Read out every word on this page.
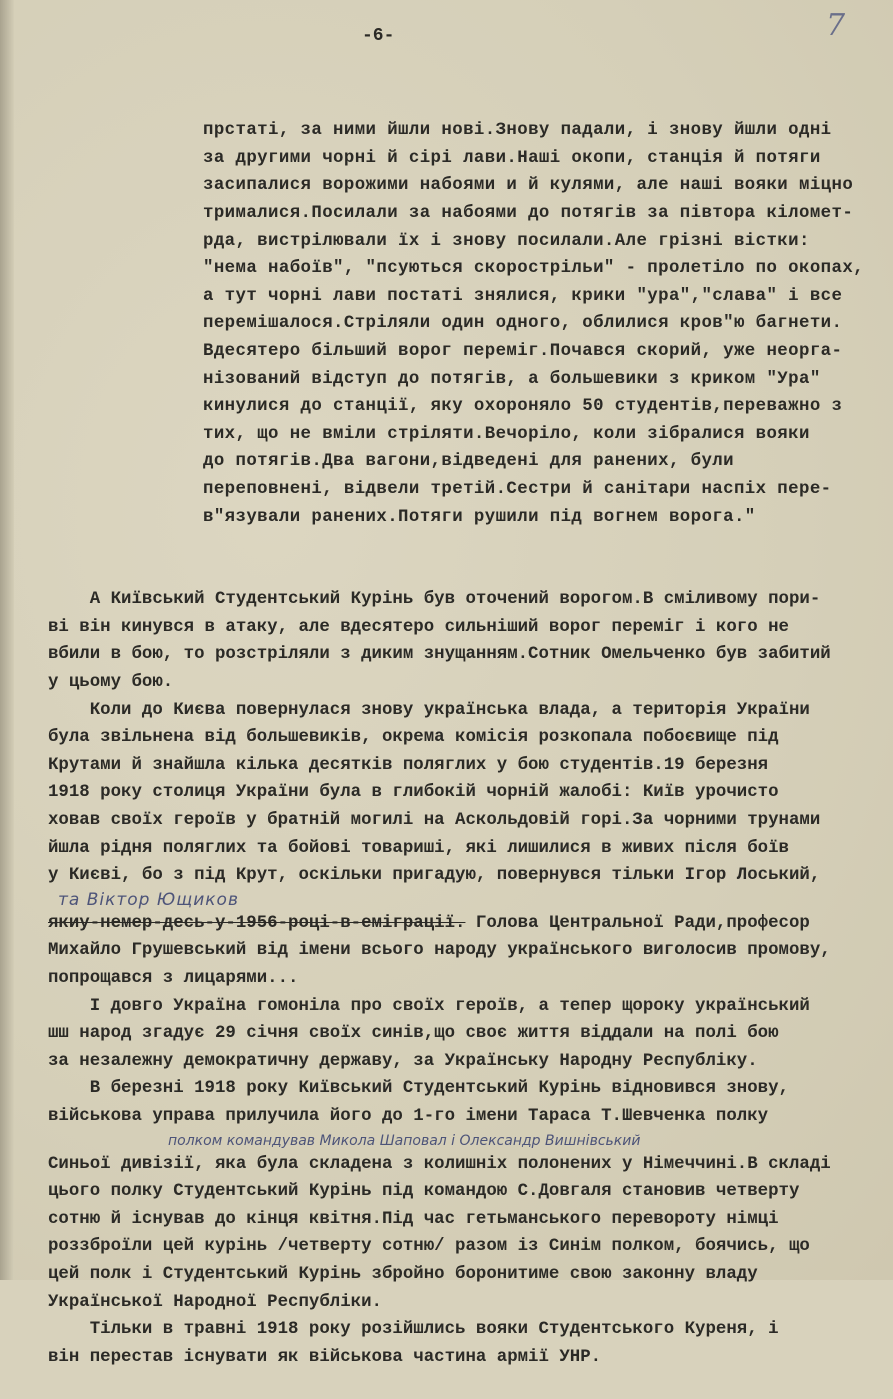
-6-	7

прстаті, за ними йшли нові.Знову падали, і знову йшли одні
за другими чорні й сірі лави.Наші окопи, станція й потяги
засипалися ворожими набоями и й кулями, але наші вояки міцно
трималися.Посилали за набоями до потягів за півтора кіломет-
рда, вистрілювали їх і знову посилали.Але грізні вістки:
"нема набоїв", "псуються скорострільи" - пролетіло по окопах,
а тут чорні лави постаті знялися, крики "ура","слава" і все
перемішалося.Стріляли один одного, облилися кров"ю багнети.
Вдесятеро більший ворог переміг.Почався скорий, уже неорга-
нізований відступ до потягів, а большевики з криком "Ура"
кинулися до станції, яку охороняло 50 студентів,переважно з
тих, що не вміли стріляти.Вечоріло, коли зібралися вояки
до потягів.Два вагони,відведені для ранених, були
переповнені, відвели третій.Сестри й санітари наспіх пере-
в"язували ранених.Потяги рушили під вогнем ворога."

А Київський Студентський Курінь був оточений ворогом.В сміливому пори-
ві він кинувся в атаку, але вдесятеро сильніший ворог переміг і кого не
вбили в бою, то розстріляли з диким знущанням.Сотник Омельченко був забитий
у цьому бою.
Коли до Києва повернулася знову українська влада, а територія України
була звільнена від большевиків, окрема комісія розкопала побоєвище під
Крутами й знайшла кілька десятків поляглих у бою студентів.19 березня
1918 року столиця України була в глибокій чорній жалобі: Київ урочисто
ховав своїх героїв у братній могилі на Аскольдовій горі.За чорними трунами
йшла рідня поляглих та бойові товариші, які лишилися в живих після боїв
у Києві, бо з під Крут, оскільки пригадую, повернувся тільки Ігор Лоський,
та Віктор Ющиков
якиу-немер-десь-у-1956-році-в-еміграції. Голова Центральної Ради,професор
Михайло Грушевський від імени всього народу українського виголосив промову,
попрощався з лицарями...
І довго Україна гомоніла про своїх героїв, а тепер щороку український
шш народ згадує 29 січня своїх синів,що своє життя віддали на полі бою
за незалежну демократичну державу, за Українську Народну Республіку.
В березні 1918 року Київський Студентський Курінь відновився знову,
військова управа прилучила його до 1-го імени Тараса Т.Шевченка полку
полком командував Микола Шаповал і Олександр Вишнівський
Синьої дивізії, яка була складена з колишніх полонених у Німеччині.В складі
цього полку Студентський Курінь під командою С.Довгаля становив четверту
сотню й існував до кінця квітня.Під час гетьманського перевороту німці
роззброїли цей курінь /четверту сотню/ разом із Синім полком, боячись, що
цей полк і Студентський Курінь збройно боронитиме свою законну владу
Української Народної Республіки.
Тільки в травні 1918 року розійшлись вояки Студентського Куреня, і
він перестав існувати як військова частина армії УНР.
